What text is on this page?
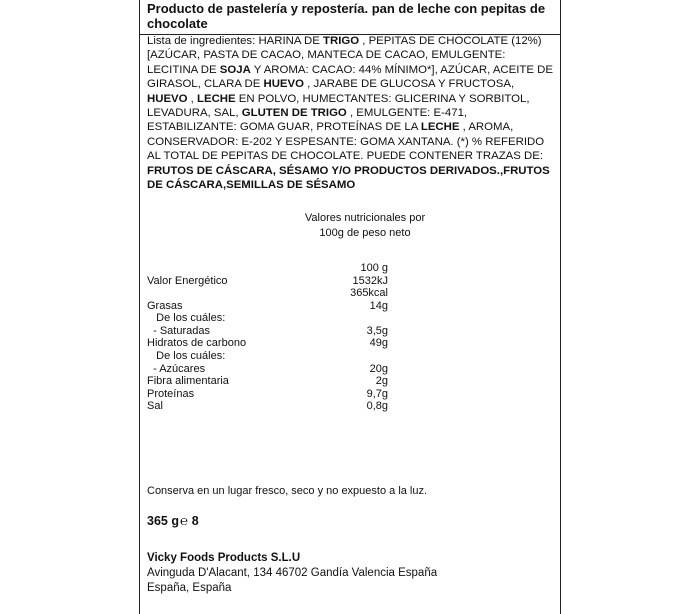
Producto de pastelería y repostería. pan de leche con pepitas de chocolate

Lista de ingredientes: HARINA DE TRIGO , PEPITAS DE CHOCOLATE (12%) [AZÚCAR, PASTA DE CACAO, MANTECA DE CACAO, EMULGENTE: LECITINA DE SOJA Y AROMA: CACAO: 44% MÍNIMO*], AZÚCAR, ACEITE DE GIRASOL, CLARA DE HUEVO , JARABE DE GLUCOSA Y FRUCTOSA, HUEVO , LECHE EN POLVO, HUMECTANTES: GLICERINA Y SORBITOL, LEVADURA, SAL, GLUTEN DE TRIGO , EMULGENTE: E-471, ESTABILIZANTE: GOMA GUAR, PROTEÍNAS DE LA LECHE , AROMA, CONSERVADOR: E-202 Y ESPESANTE: GOMA XANTANA. (*) % REFERIDO AL TOTAL DE PEPITAS DE CHOCOLATE. PUEDE CONTENER TRAZAS DE: FRUTOS DE CÁSCARA, SÉSAMO Y/O PRODUCTOS DERIVADOS.,FRUTOS DE CÁSCARA,SEMILLAS DE SÉSAMO

Valores nutricionales por
100g de peso neto
100 g
Valor Energético	1532kJ
365kcal
Grasas	14g
De los cuáles:
- Saturadas	3,5g
Hidratos de carbono	49g
De los cuáles:
- Azúcares	20g
Fibra alimentaria	2g
Proteínas	9,7g
Sal	0,8g
Conserva en un lugar fresco, seco y no expuesto a la luz.
365 g℮ 8
Vicky Foods Products S.L.U
Avinguda D'Alacant, 134 46702 Gandía Valencia España
España, España
